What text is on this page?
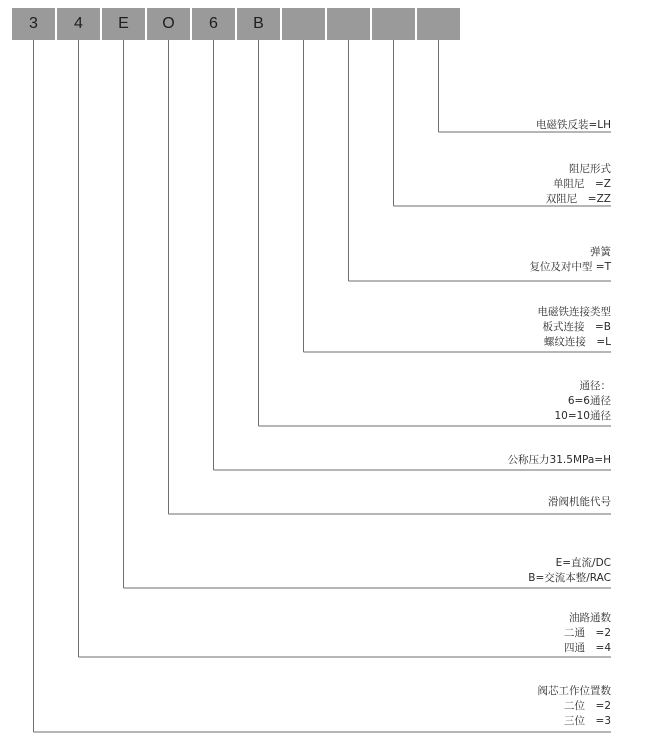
3	4	E	O	6	B
电磁铁反装=LH
阻尼形式
单阻尼　=Z
双阻尼　=ZZ
弹簧
复位及对中型 =T
电磁铁连接类型
板式连接　=B
螺纹连接　=L
通径：
6=6通径
10=10通径
公称压力31.5MPa=H
滑阀机能代号
E=直流/DC
B=交流本整/RAC
油路通数
二通　=2
四通　=4
阀芯工作位置数
二位　=2
三位　=3
